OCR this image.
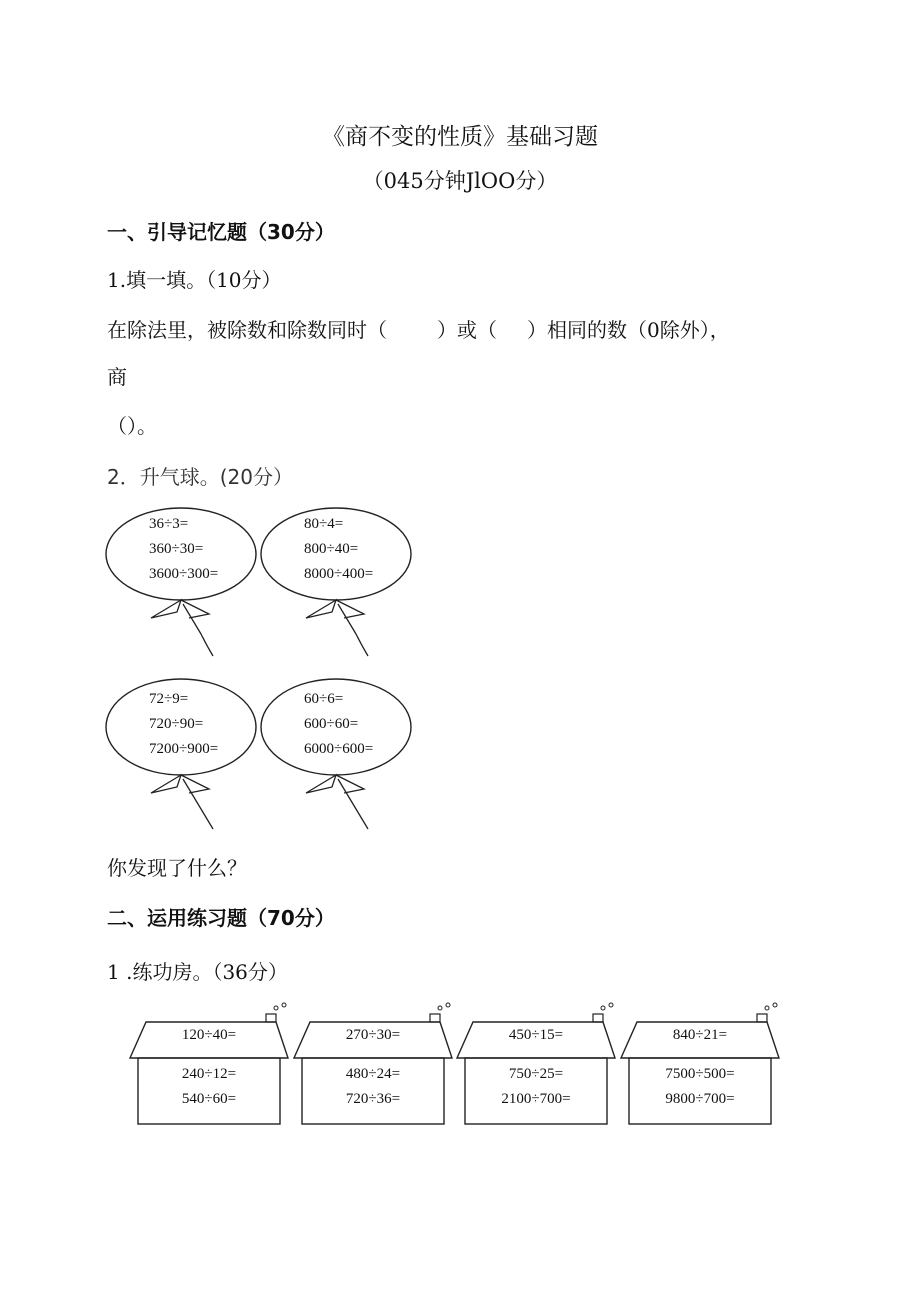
《商不变的性质》基础习题
（045分钟JlOO分）
一、引导记忆题（30分）
1.填一填。（10分）
在除法里，被除数和除数同时（	）或（ ）相同的数（0除外），
商
（）。
2．升气球。(20分）
36÷3=
360÷30=
3600÷300=
80÷4=
800÷40=
8000÷400=
72÷9=
720÷90=
7200÷900=
60÷6=
600÷60=
6000÷600=
你发现了什么？
二、运用练习题（70分）
1 .练功房。（36分）
120÷40=
240÷12=
540÷60=
270÷30=
480÷24=
720÷36=
450÷15=
750÷25=
2100÷700=
840÷21=
7500÷500=
9800÷700=
